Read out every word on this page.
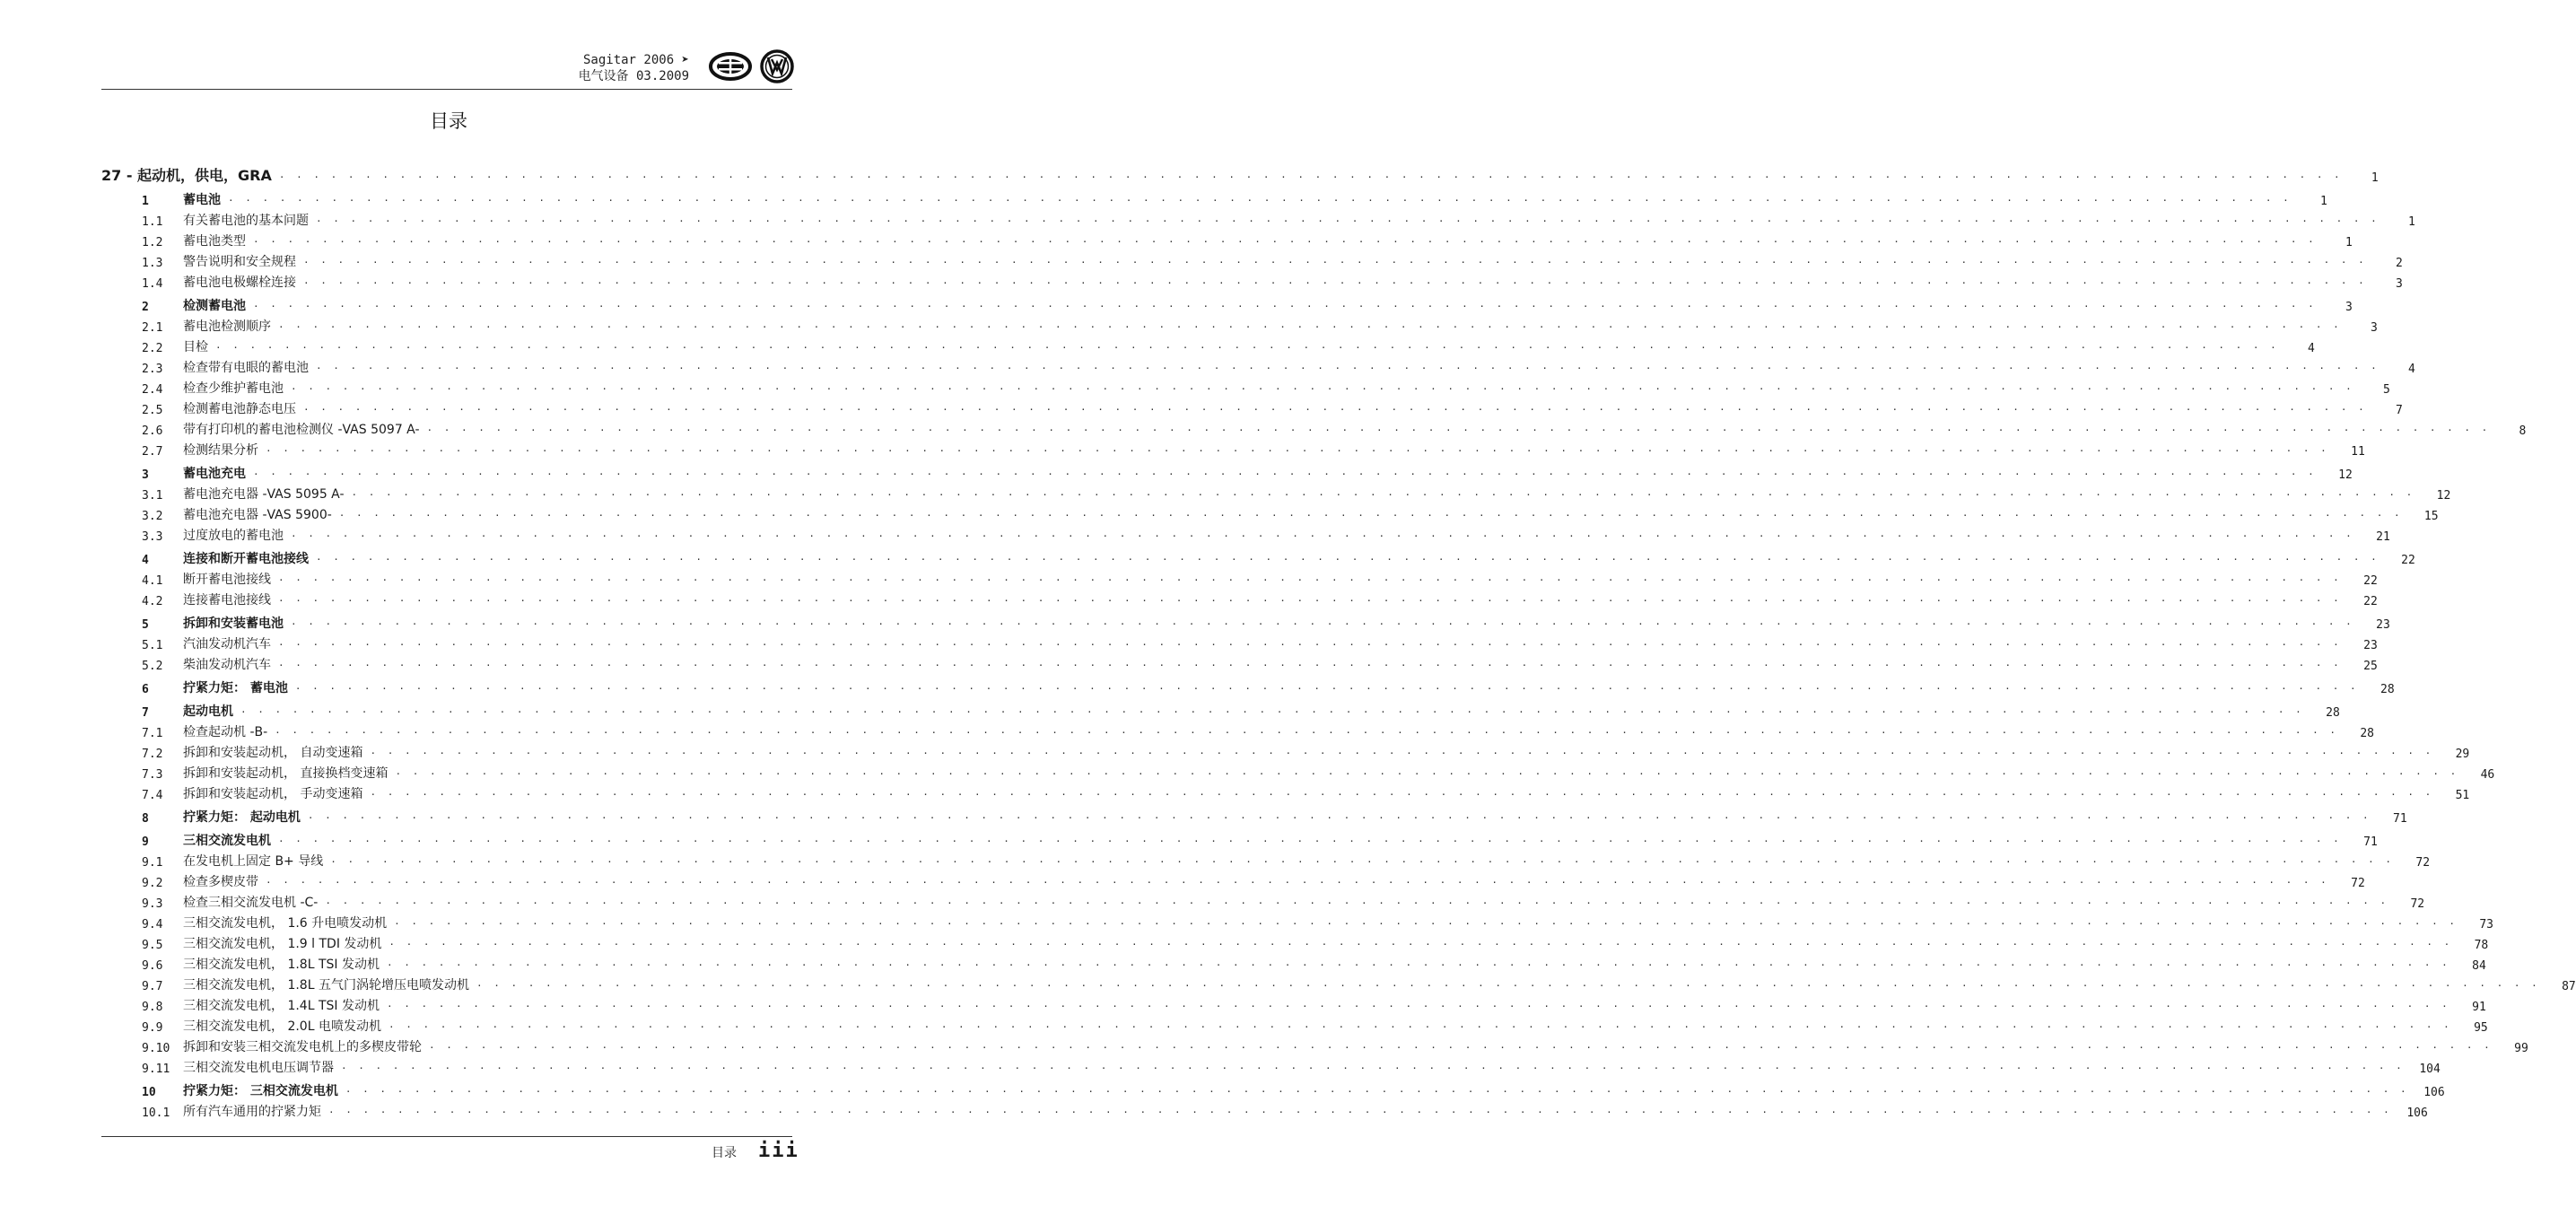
Sagitar 2006 ➤
电气设备 03.2009
目录
27 - 起动机，供电，GRA . . . . . . . . . . . . . . . . . . . . . . . . . . . . . . . . . . . . . . . . . . . . . . . . . . . . . . . . . . . . . . . . . . . . . . . . . . . . . . . . . . . . . . . . . . . . . . . . . . . . . . . . . . . . . . . . . . . . . . . .	1
1	蓄电池 . . . . . . . . . . . . . . . . . . . . . . . . . . . . . . . . . . . . . . . . . . . . . . . . . . . . . . . . . . . . . . . . . . . . . . . . . . . . . . . . . . . . . . . . . . . . . . . . . . . . . . . . . . . . . . . . . . . . . . . .	1
1.1	有关蓄电池的基本问题 . . . . . . . . . . . . . . . . . . . . . . . . . . . . . . . . . . . . . . . . . . . . . . . . . . . . . . . . . . . . . . . . . . . . . . . . . . . . . . . . . . . . . . . . . . . . . . . . . . . . . . . . . . . . . . . . . . . . . . . .	1
1.2	蓄电池类型 . . . . . . . . . . . . . . . . . . . . . . . . . . . . . . . . . . . . . . . . . . . . . . . . . . . . . . . . . . . . . . . . . . . . . . . . . . . . . . . . . . . . . . . . . . . . . . . . . . . . . . . . . . . . . . . . . . . . . . . .	1
1.3	警告说明和安全规程 . . . . . . . . . . . . . . . . . . . . . . . . . . . . . . . . . . . . . . . . . . . . . . . . . . . . . . . . . . . . . . . . . . . . . . . . . . . . . . . . . . . . . . . . . . . . . . . . . . . . . . . . . . . . . . . . . . . . . . . .	2
1.4	蓄电池电极螺栓连接 . . . . . . . . . . . . . . . . . . . . . . . . . . . . . . . . . . . . . . . . . . . . . . . . . . . . . . . . . . . . . . . . . . . . . . . . . . . . . . . . . . . . . . . . . . . . . . . . . . . . . . . . . . . . . . . . . . . . . . . .	3
2	检测蓄电池 . . . . . . . . . . . . . . . . . . . . . . . . . . . . . . . . . . . . . . . . . . . . . . . . . . . . . . . . . . . . . . . . . . . . . . . . . . . . . . . . . . . . . . . . . . . . . . . . . . . . . . . . . . . . . . . . . . . . . . . .	3
2.1	蓄电池检测顺序 . . . . . . . . . . . . . . . . . . . . . . . . . . . . . . . . . . . . . . . . . . . . . . . . . . . . . . . . . . . . . . . . . . . . . . . . . . . . . . . . . . . . . . . . . . . . . . . . . . . . . . . . . . . . . . . . . . . . . . . .	3
2.2	目检 . . . . . . . . . . . . . . . . . . . . . . . . . . . . . . . . . . . . . . . . . . . . . . . . . . . . . . . . . . . . . . . . . . . . . . . . . . . . . . . . . . . . . . . . . . . . . . . . . . . . . . . . . . . . . . . . . . . . . . . .	4
2.3	检查带有电眼的蓄电池 . . . . . . . . . . . . . . . . . . . . . . . . . . . . . . . . . . . . . . . . . . . . . . . . . . . . . . . . . . . . . . . . . . . . . . . . . . . . . . . . . . . . . . . . . . . . . . . . . . . . . . . . . . . . . . . . . . . . . . . .	4
2.4	检查少维护蓄电池 . . . . . . . . . . . . . . . . . . . . . . . . . . . . . . . . . . . . . . . . . . . . . . . . . . . . . . . . . . . . . . . . . . . . . . . . . . . . . . . . . . . . . . . . . . . . . . . . . . . . . . . . . . . . . . . . . . . . . . . .	5
2.5	检测蓄电池静态电压 . . . . . . . . . . . . . . . . . . . . . . . . . . . . . . . . . . . . . . . . . . . . . . . . . . . . . . . . . . . . . . . . . . . . . . . . . . . . . . . . . . . . . . . . . . . . . . . . . . . . . . . . . . . . . . . . . . . . . . . .	7
2.6	带有打印机的蓄电池检测仪 -VAS 5097 A- . . . . . . . . . . . . . . . . . . . . . . . . . . . . . . . . . . . . . . . . . . . . . . . . . . . . . . . . . . . . . . . . . . . . . . . . . . . . . . . . . . . . . . . . . . . . . . . . . . . . . . . . . . . . . . . . . . . . . . . .	8
2.7	检测结果分析 . . . . . . . . . . . . . . . . . . . . . . . . . . . . . . . . . . . . . . . . . . . . . . . . . . . . . . . . . . . . . . . . . . . . . . . . . . . . . . . . . . . . . . . . . . . . . . . . . . . . . . . . . . . . . . . . . . . . . . . .	11
3	蓄电池充电 . . . . . . . . . . . . . . . . . . . . . . . . . . . . . . . . . . . . . . . . . . . . . . . . . . . . . . . . . . . . . . . . . . . . . . . . . . . . . . . . . . . . . . . . . . . . . . . . . . . . . . . . . . . . . . . . . . . . . . . .	12
3.1	蓄电池充电器 -VAS 5095 A- . . . . . . . . . . . . . . . . . . . . . . . . . . . . . . . . . . . . . . . . . . . . . . . . . . . . . . . . . . . . . . . . . . . . . . . . . . . . . . . . . . . . . . . . . . . . . . . . . . . . . . . . . . . . . . . . . . . . . . . .	12
3.2	蓄电池充电器 -VAS 5900- . . . . . . . . . . . . . . . . . . . . . . . . . . . . . . . . . . . . . . . . . . . . . . . . . . . . . . . . . . . . . . . . . . . . . . . . . . . . . . . . . . . . . . . . . . . . . . . . . . . . . . . . . . . . . . . . . . . . . . . .	15
3.3	过度放电的蓄电池 . . . . . . . . . . . . . . . . . . . . . . . . . . . . . . . . . . . . . . . . . . . . . . . . . . . . . . . . . . . . . . . . . . . . . . . . . . . . . . . . . . . . . . . . . . . . . . . . . . . . . . . . . . . . . . . . . . . . . . . .	21
4	连接和断开蓄电池接线 . . . . . . . . . . . . . . . . . . . . . . . . . . . . . . . . . . . . . . . . . . . . . . . . . . . . . . . . . . . . . . . . . . . . . . . . . . . . . . . . . . . . . . . . . . . . . . . . . . . . . . . . . . . . . . . . . . . . . . . .	22
4.1	断开蓄电池接线 . . . . . . . . . . . . . . . . . . . . . . . . . . . . . . . . . . . . . . . . . . . . . . . . . . . . . . . . . . . . . . . . . . . . . . . . . . . . . . . . . . . . . . . . . . . . . . . . . . . . . . . . . . . . . . . . . . . . . . . .	22
4.2	连接蓄电池接线 . . . . . . . . . . . . . . . . . . . . . . . . . . . . . . . . . . . . . . . . . . . . . . . . . . . . . . . . . . . . . . . . . . . . . . . . . . . . . . . . . . . . . . . . . . . . . . . . . . . . . . . . . . . . . . . . . . . . . . . .	22
5	拆卸和安装蓄电池 . . . . . . . . . . . . . . . . . . . . . . . . . . . . . . . . . . . . . . . . . . . . . . . . . . . . . . . . . . . . . . . . . . . . . . . . . . . . . . . . . . . . . . . . . . . . . . . . . . . . . . . . . . . . . . . . . . . . . . . .	23
5.1	汽油发动机汽车 . . . . . . . . . . . . . . . . . . . . . . . . . . . . . . . . . . . . . . . . . . . . . . . . . . . . . . . . . . . . . . . . . . . . . . . . . . . . . . . . . . . . . . . . . . . . . . . . . . . . . . . . . . . . . . . . . . . . . . . .	23
5.2	柴油发动机汽车 . . . . . . . . . . . . . . . . . . . . . . . . . . . . . . . . . . . . . . . . . . . . . . . . . . . . . . . . . . . . . . . . . . . . . . . . . . . . . . . . . . . . . . . . . . . . . . . . . . . . . . . . . . . . . . . . . . . . . . . .	25
6	拧紧力矩： 蓄电池 . . . . . . . . . . . . . . . . . . . . . . . . . . . . . . . . . . . . . . . . . . . . . . . . . . . . . . . . . . . . . . . . . . . . . . . . . . . . . . . . . . . . . . . . . . . . . . . . . . . . . . . . . . . . . . . . . . . . . . . .	28
7	起动电机 . . . . . . . . . . . . . . . . . . . . . . . . . . . . . . . . . . . . . . . . . . . . . . . . . . . . . . . . . . . . . . . . . . . . . . . . . . . . . . . . . . . . . . . . . . . . . . . . . . . . . . . . . . . . . . . . . . . . . . . .	28
7.1	检查起动机 -B- . . . . . . . . . . . . . . . . . . . . . . . . . . . . . . . . . . . . . . . . . . . . . . . . . . . . . . . . . . . . . . . . . . . . . . . . . . . . . . . . . . . . . . . . . . . . . . . . . . . . . . . . . . . . . . . . . . . . . . . .	28
7.2	拆卸和安装起动机， 自动变速箱 . . . . . . . . . . . . . . . . . . . . . . . . . . . . . . . . . . . . . . . . . . . . . . . . . . . . . . . . . . . . . . . . . . . . . . . . . . . . . . . . . . . . . . . . . . . . . . . . . . . . . . . . . . . . . . . . . . . . . . . .	29
7.3	拆卸和安装起动机， 直接换档变速箱 . . . . . . . . . . . . . . . . . . . . . . . . . . . . . . . . . . . . . . . . . . . . . . . . . . . . . . . . . . . . . . . . . . . . . . . . . . . . . . . . . . . . . . . . . . . . . . . . . . . . . . . . . . . . . . . . . . . . . . . .	46
7.4	拆卸和安装起动机， 手动变速箱 . . . . . . . . . . . . . . . . . . . . . . . . . . . . . . . . . . . . . . . . . . . . . . . . . . . . . . . . . . . . . . . . . . . . . . . . . . . . . . . . . . . . . . . . . . . . . . . . . . . . . . . . . . . . . . . . . . . . . . . .	51
8	拧紧力矩： 起动电机 . . . . . . . . . . . . . . . . . . . . . . . . . . . . . . . . . . . . . . . . . . . . . . . . . . . . . . . . . . . . . . . . . . . . . . . . . . . . . . . . . . . . . . . . . . . . . . . . . . . . . . . . . . . . . . . . . . . . . . . .	71
9	三相交流发电机 . . . . . . . . . . . . . . . . . . . . . . . . . . . . . . . . . . . . . . . . . . . . . . . . . . . . . . . . . . . . . . . . . . . . . . . . . . . . . . . . . . . . . . . . . . . . . . . . . . . . . . . . . . . . . . . . . . . . . . . .	71
9.1	在发电机上固定 B+ 导线 . . . . . . . . . . . . . . . . . . . . . . . . . . . . . . . . . . . . . . . . . . . . . . . . . . . . . . . . . . . . . . . . . . . . . . . . . . . . . . . . . . . . . . . . . . . . . . . . . . . . . . . . . . . . . . . . . . . . . . . .	72
9.2	检查多楔皮带 . . . . . . . . . . . . . . . . . . . . . . . . . . . . . . . . . . . . . . . . . . . . . . . . . . . . . . . . . . . . . . . . . . . . . . . . . . . . . . . . . . . . . . . . . . . . . . . . . . . . . . . . . . . . . . . . . . . . . . . .	72
9.3	检查三相交流发电机 -C- . . . . . . . . . . . . . . . . . . . . . . . . . . . . . . . . . . . . . . . . . . . . . . . . . . . . . . . . . . . . . . . . . . . . . . . . . . . . . . . . . . . . . . . . . . . . . . . . . . . . . . . . . . . . . . . . . . . . . . . .	72
9.4	三相交流发电机， 1.6 升电喷发动机 . . . . . . . . . . . . . . . . . . . . . . . . . . . . . . . . . . . . . . . . . . . . . . . . . . . . . . . . . . . . . . . . . . . . . . . . . . . . . . . . . . . . . . . . . . . . . . . . . . . . . . . . . . . . . . . . . . . . . . . .	73
9.5	三相交流发电机， 1.9 l TDI 发动机 . . . . . . . . . . . . . . . . . . . . . . . . . . . . . . . . . . . . . . . . . . . . . . . . . . . . . . . . . . . . . . . . . . . . . . . . . . . . . . . . . . . . . . . . . . . . . . . . . . . . . . . . . . . . . . . . . . . . . . . .	78
9.6	三相交流发电机， 1.8L TSI 发动机 . . . . . . . . . . . . . . . . . . . . . . . . . . . . . . . . . . . . . . . . . . . . . . . . . . . . . . . . . . . . . . . . . . . . . . . . . . . . . . . . . . . . . . . . . . . . . . . . . . . . . . . . . . . . . . . . . . . . . . . .	84
9.7	三相交流发电机， 1.8L 五气门涡轮增压电喷发动机 . . . . . . . . . . . . . . . . . . . . . . . . . . . . . . . . . . . . . . . . . . . . . . . . . . . . . . . . . . . . . . . . . . . . . . . . . . . . . . . . . . . . . . . . . . . . . . . . . . . . . . . . . . . . . . . . . . . . . . . .	87
9.8	三相交流发电机， 1.4L TSI 发动机 . . . . . . . . . . . . . . . . . . . . . . . . . . . . . . . . . . . . . . . . . . . . . . . . . . . . . . . . . . . . . . . . . . . . . . . . . . . . . . . . . . . . . . . . . . . . . . . . . . . . . . . . . . . . . . . . . . . . . . . .	91
9.9	三相交流发电机， 2.0L 电喷发动机 . . . . . . . . . . . . . . . . . . . . . . . . . . . . . . . . . . . . . . . . . . . . . . . . . . . . . . . . . . . . . . . . . . . . . . . . . . . . . . . . . . . . . . . . . . . . . . . . . . . . . . . . . . . . . . . . . . . . . . . .	95
9.10	拆卸和安装三相交流发电机上的多楔皮带轮 . . . . . . . . . . . . . . . . . . . . . . . . . . . . . . . . . . . . . . . . . . . . . . . . . . . . . . . . . . . . . . . . . . . . . . . . . . . . . . . . . . . . . . . . . . . . . . . . . . . . . . . . . . . . . . . . . . . . . . . .	99
9.11	三相交流发电机电压调节器 . . . . . . . . . . . . . . . . . . . . . . . . . . . . . . . . . . . . . . . . . . . . . . . . . . . . . . . . . . . . . . . . . . . . . . . . . . . . . . . . . . . . . . . . . . . . . . . . . . . . . . . . . . . . . . . . . . . . . . . .	104
10	拧紧力矩： 三相交流发电机 . . . . . . . . . . . . . . . . . . . . . . . . . . . . . . . . . . . . . . . . . . . . . . . . . . . . . . . . . . . . . . . . . . . . . . . . . . . . . . . . . . . . . . . . . . . . . . . . . . . . . . . . . . . . . . . . . . . . . . . .	106
10.1	所有汽车通用的拧紧力矩 . . . . . . . . . . . . . . . . . . . . . . . . . . . . . . . . . . . . . . . . . . . . . . . . . . . . . . . . . . . . . . . . . . . . . . . . . . . . . . . . . . . . . . . . . . . . . . . . . . . . . . . . . . . . . . . . . . . . . . . .	106
目录 iii
